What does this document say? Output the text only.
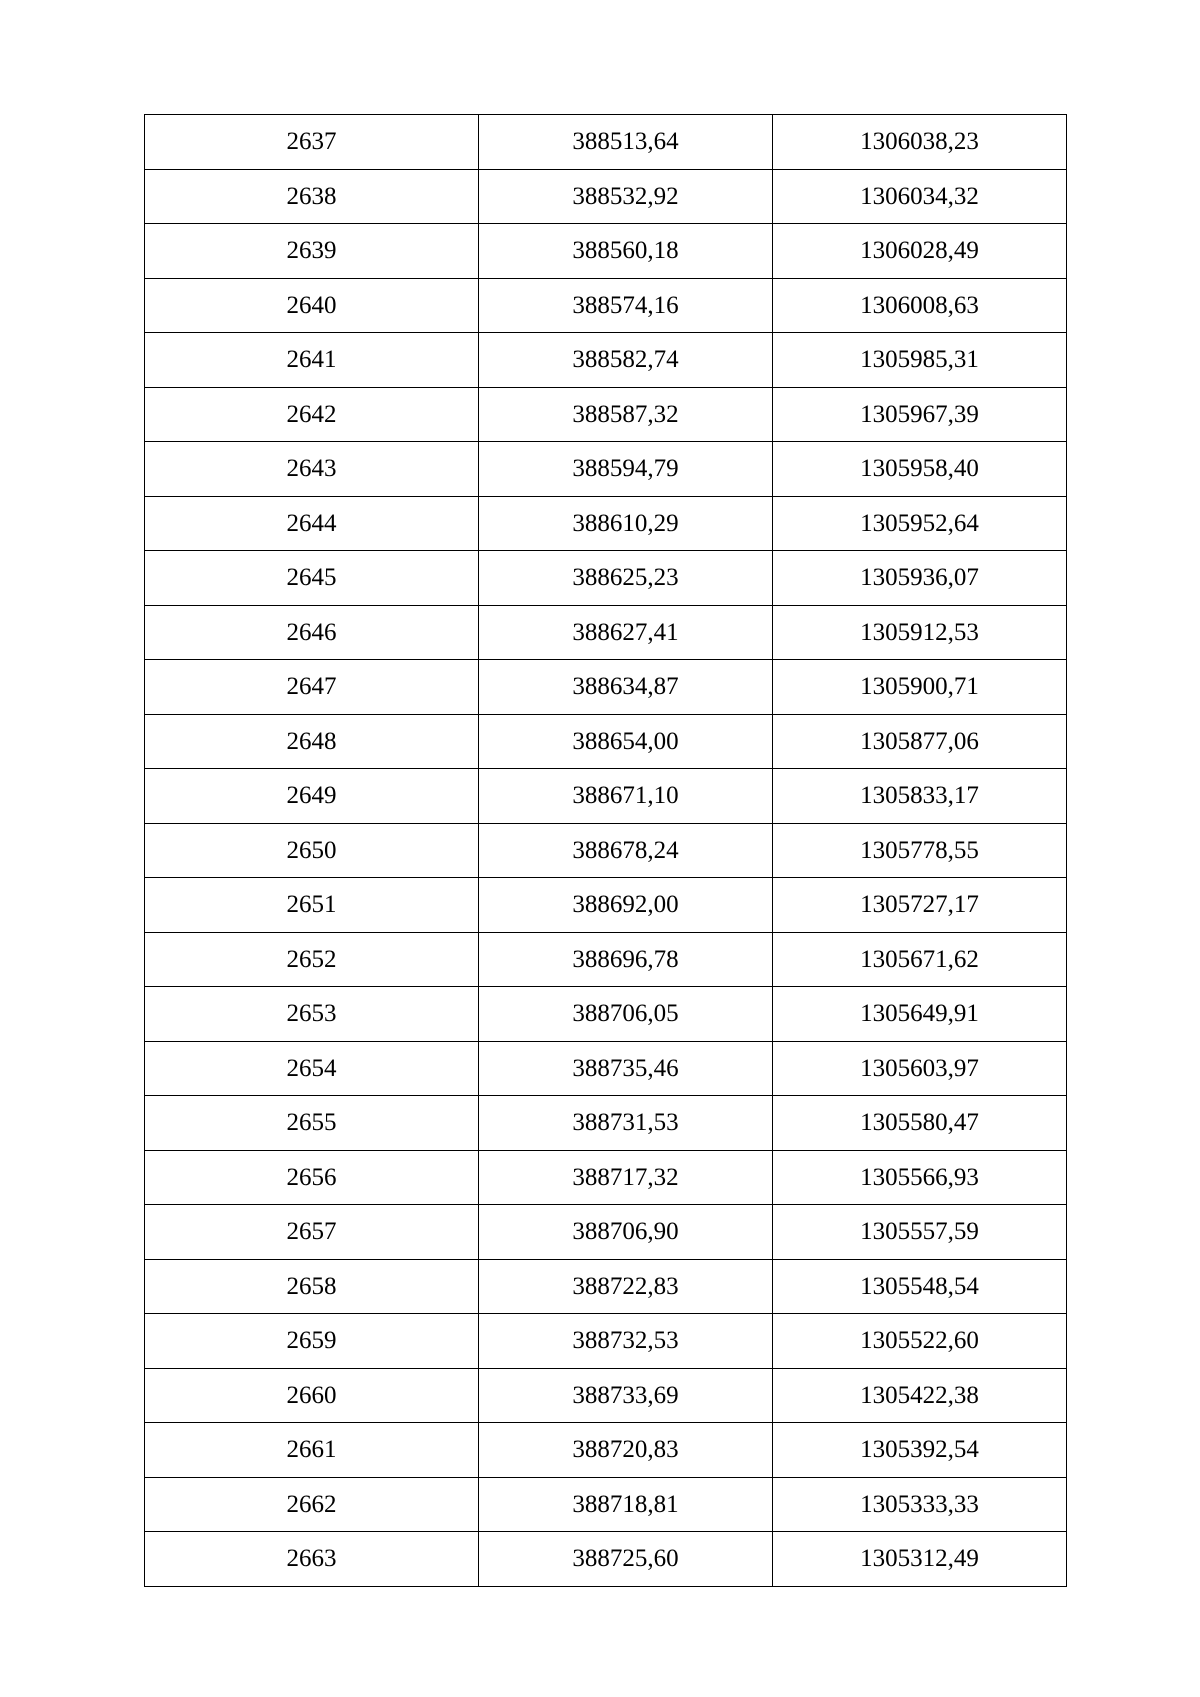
2637	388513,64	1306038,23
2638	388532,92	1306034,32
2639	388560,18	1306028,49
2640	388574,16	1306008,63
2641	388582,74	1305985,31
2642	388587,32	1305967,39
2643	388594,79	1305958,40
2644	388610,29	1305952,64
2645	388625,23	1305936,07
2646	388627,41	1305912,53
2647	388634,87	1305900,71
2648	388654,00	1305877,06
2649	388671,10	1305833,17
2650	388678,24	1305778,55
2651	388692,00	1305727,17
2652	388696,78	1305671,62
2653	388706,05	1305649,91
2654	388735,46	1305603,97
2655	388731,53	1305580,47
2656	388717,32	1305566,93
2657	388706,90	1305557,59
2658	388722,83	1305548,54
2659	388732,53	1305522,60
2660	388733,69	1305422,38
2661	388720,83	1305392,54
2662	388718,81	1305333,33
2663	388725,60	1305312,49
